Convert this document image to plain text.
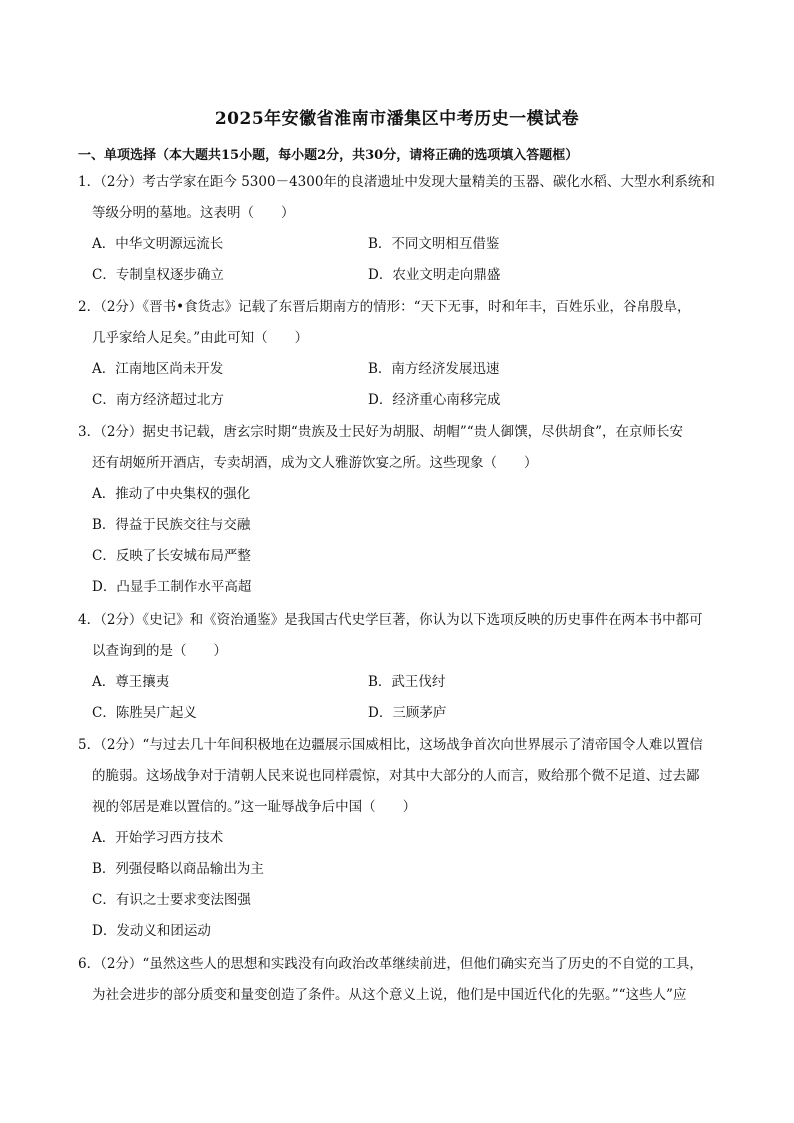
2025年安徽省淮南市潘集区中考历史一模试卷
一、单项选择（本大题共15小题，每小题2分，共30分，请将正确的选项填入答题框）
1．（2分）考古学家在距今 5300－4300年的良渚遗址中发现大量精美的玉器、碳化水稻、大型水利系统和
等级分明的墓地。这表明（　　）
A．中华文明源远流长	B．不同文明相互借鉴
C．专制皇权逐步确立	D．农业文明走向鼎盛
2．（2分）《晋书•食货志》记载了东晋后期南方的情形：“天下无事，时和年丰，百姓乐业，谷帛殷阜，
几乎家给人足矣。”由此可知（　　）
A．江南地区尚未开发	B．南方经济发展迅速
C．南方经济超过北方	D．经济重心南移完成
3．（2分）据史书记载，唐玄宗时期“贵族及士民好为胡服、胡帽”“贵人御馔，尽供胡食”，在京师长安
还有胡姬所开酒店，专卖胡酒，成为文人雅游饮宴之所。这些现象（　　）
A．推动了中央集权的强化
B．得益于民族交往与交融
C．反映了长安城布局严整
D．凸显手工制作水平高超
4．（2分）《史记》和《资治通鉴》是我国古代史学巨著，你认为以下选项反映的历史事件在两本书中都可
以查询到的是（　　）
A．尊王攘夷	B．武王伐纣
C．陈胜吴广起义	D．三顾茅庐
5．（2分）“与过去几十年间积极地在边疆展示国威相比，这场战争首次向世界展示了清帝国令人难以置信
的脆弱。这场战争对于清朝人民来说也同样震惊，对其中大部分的人而言，败给那个微不足道、过去鄙
视的邻居是难以置信的。”这一耻辱战争后中国（　　）
A．开始学习西方技术
B．列强侵略以商品输出为主
C．有识之士要求变法图强
D．发动义和团运动
6．（2分）“虽然这些人的思想和实践没有向政治改革继续前进，但他们确实充当了历史的不自觉的工具，
为社会进步的部分质变和量变创造了条件。从这个意义上说，他们是中国近代化的先驱。”“这些人”应
